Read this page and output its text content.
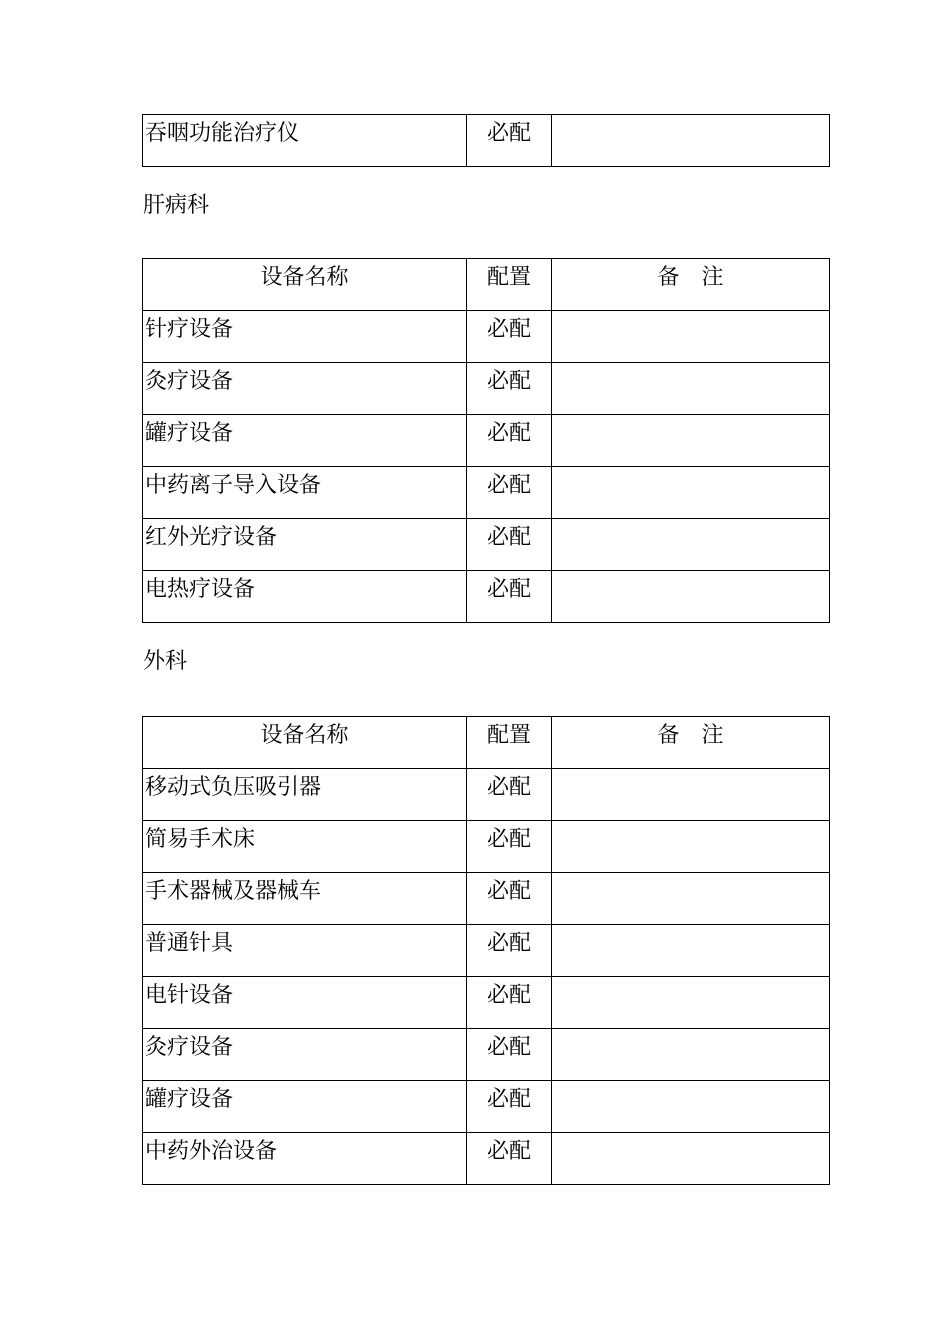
吞咽功能治疗仪	必配	
肝病科
设备名称	配置	备　注
针疗设备	必配	
灸疗设备	必配	
罐疗设备	必配	
中药离子导入设备	必配	
红外光疗设备	必配	
电热疗设备	必配	
外科
设备名称	配置	备　注
移动式负压吸引器	必配	
简易手术床	必配	
手术器械及器械车	必配	
普通针具	必配	
电针设备	必配	
灸疗设备	必配	
罐疗设备	必配	
中药外治设备	必配	
